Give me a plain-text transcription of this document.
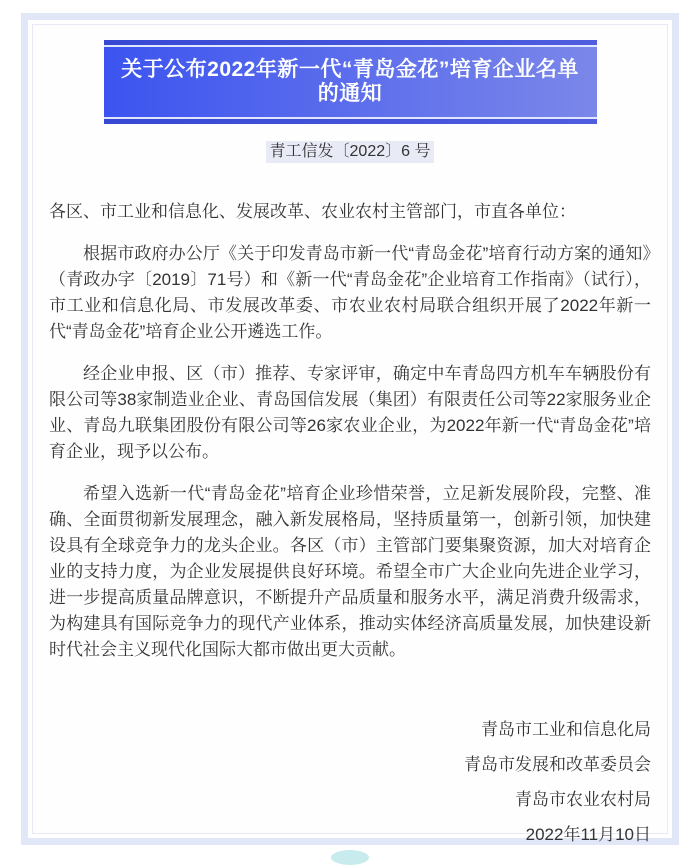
关于公布2022年新一代“青岛金花”培育企业名单的通知
青工信发〔2022〕6 号

各区、市工业和信息化、发展改革、农业农村主管部门，市直各单位：

根据市政府办公厅《关于印发青岛市新一代“青岛金花”培育行动方案的通知》（青政办字〔2019〕71号）和《新一代“青岛金花”企业培育工作指南》（试行），市工业和信息化局、市发展改革委、市农业农村局联合组织开展了2022年新一代“青岛金花”培育企业公开遴选工作。

经企业申报、区（市）推荐、专家评审，确定中车青岛四方机车车辆股份有限公司等38家制造业企业、青岛国信发展（集团）有限责任公司等22家服务业企业、青岛九联集团股份有限公司等26家农业企业，为2022年新一代“青岛金花”培育企业，现予以公布。

希望入选新一代“青岛金花”培育企业珍惜荣誉，立足新发展阶段，完整、准确、全面贯彻新发展理念，融入新发展格局，坚持质量第一，创新引领，加快建设具有全球竞争力的龙头企业。各区（市）主管部门要集聚资源，加大对培育企业的支持力度，为企业发展提供良好环境。希望全市广大企业向先进企业学习，进一步提高质量品牌意识，不断提升产品质量和服务水平，满足消费升级需求，为构建具有国际竞争力的现代产业体系，推动实体经济高质量发展，加快建设新时代社会主义现代化国际大都市做出更大贡献。

青岛市工业和信息化局

青岛市发展和改革委员会

青岛市农业农村局

2022年11月10日
